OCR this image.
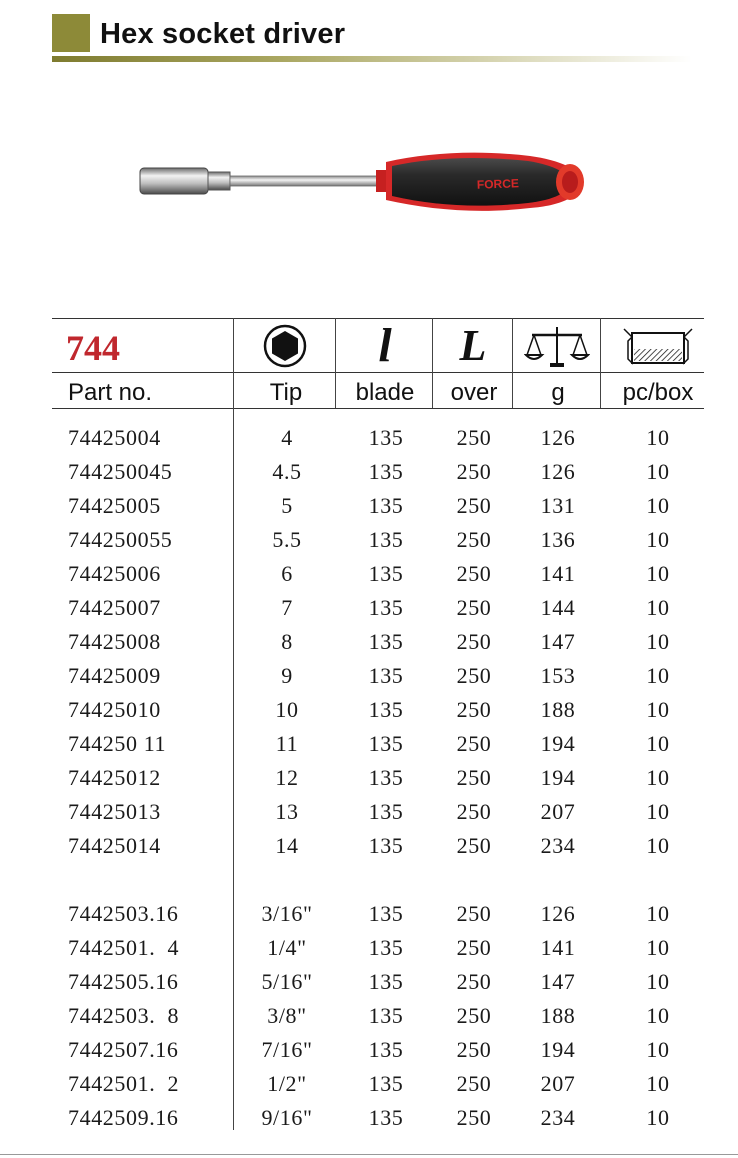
Hex socket driver
FORCE
744	l L
Part no.	Tip	blade	over	g	pc/box
74425004	4	135	250	126	10
744250045	4.5	135	250	126	10
74425005	5	135	250	131	10
744250055	5.5	135	250	136	10
74425006	6	135	250	141	10
74425007	7	135	250	144	10
74425008	8	135	250	147	10
74425009	9	135	250	153	10
74425010	10	135	250	188	10
744250 11	11	135	250	194	10
74425012	12	135	250	194	10
74425013	13	135	250	207	10
74425014	14	135	250	234	10
7442503.16	3/16"	135	250	126	10
7442501.  4	1/4"	135	250	141	10
7442505.16	5/16"	135	250	147	10
7442503.  8	3/8"	135	250	188	10
7442507.16	7/16"	135	250	194	10
7442501.  2	1/2"	135	250	207	10
7442509.16	9/16"	135	250	234	10
